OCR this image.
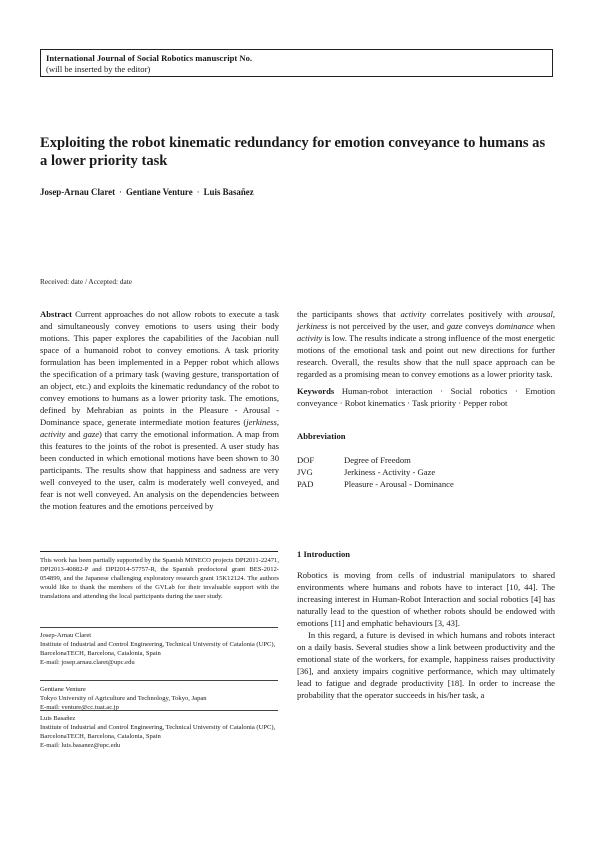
International Journal of Social Robotics manuscript No.
(will be inserted by the editor)
Exploiting the robot kinematic redundancy for emotion conveyance to humans as a lower priority task
Josep-Arnau Claret · Gentiane Venture · Luis Basañez
Received: date / Accepted: date

Abstract Current approaches do not allow robots to execute a task and simultaneously convey emotions to users using their body motions. This paper explores the capabilities of the Jacobian null space of a humanoid robot to convey emotions. A task priority formulation has been implemented in a Pepper robot which allows the specification of a primary task (waving gesture, transportation of an object, etc.) and exploits the kinematic redundancy of the robot to convey emotions to humans as a lower priority task. The emotions, defined by Mehrabian as points in the Pleasure - Arousal - Dominance space, generate intermediate motion features (jerkiness, activity and gaze) that carry the emotional information. A map from this features to the joints of the robot is presented. A user study has been conducted in which emotional motions have been shown to 30 participants. The results show that happiness and sadness are very well conveyed to the user, calm is moderately well conveyed, and fear is not well conveyed. An analysis on the dependencies between the motion features and the emotions perceived by

This work has been partially supported by the Spanish MINECO projects DPI2011-22471, DPI2013-40882-P and DPI2014-57757-R, the Spanish predoctoral grant BES-2012-054899, and the Japanese challenging exploratory research grant 15K12124. The authors would like to thank the members of the GVLab for their invaluable support with the translations and attending the local participants during the user study.

Josep-Arnau Claret

Institute of Industrial and Control Engineering, Technical University of Catalonia (UPC), BarcelonaTECH, Barcelona, Catalonia, Spain

E-mail: josep.arnau.claret@upc.edu

Gentiane Venture

Tokyo University of Agriculture and Technology, Tokyo, Japan

E-mail: venture@cc.tuat.ac.jp

Luis Basañez

Institute of Industrial and Control Engineering, Technical University of Catalonia (UPC), BarcelonaTECH, Barcelona, Catalonia, Spain

E-mail: luis.basanez@upc.edu

the participants shows that activity correlates positively with arousal, jerkiness is not perceived by the user, and gaze conveys dominance when activity is low. The results indicate a strong influence of the most energetic motions of the emotional task and point out new directions for further research. Overall, the results show that the null space approach can be regarded as a promising mean to convey emotions as a lower priority task.

Keywords Human-robot interaction · Social robotics · Emotion conveyance · Robot kinematics · Task priority · Pepper robot

Abbreviation

DOF	Degree of Freedom
JVG	Jerkiness - Activity - Gaze
PAD	Pleasure - Arousal - Dominance

1 Introduction

Robotics is moving from cells of industrial manipulators to shared environments where humans and robots have to interact [10, 44]. The increasing interest in Human-Robot Interaction and social robotics [4] has naturally lead to the question of whether robots should be endowed with emotions [11] and emphatic behaviours [3, 43].

In this regard, a future is devised in which humans and robots interact on a daily basis. Several studies show a link between productivity and the emotional state of the workers, for example, happiness raises productivity [36], and anxiety impairs cognitive performance, which may ultimately lead to fatigue and degrade productivity [18]. In order to increase the probability that the operator succeeds in his/her task, a
